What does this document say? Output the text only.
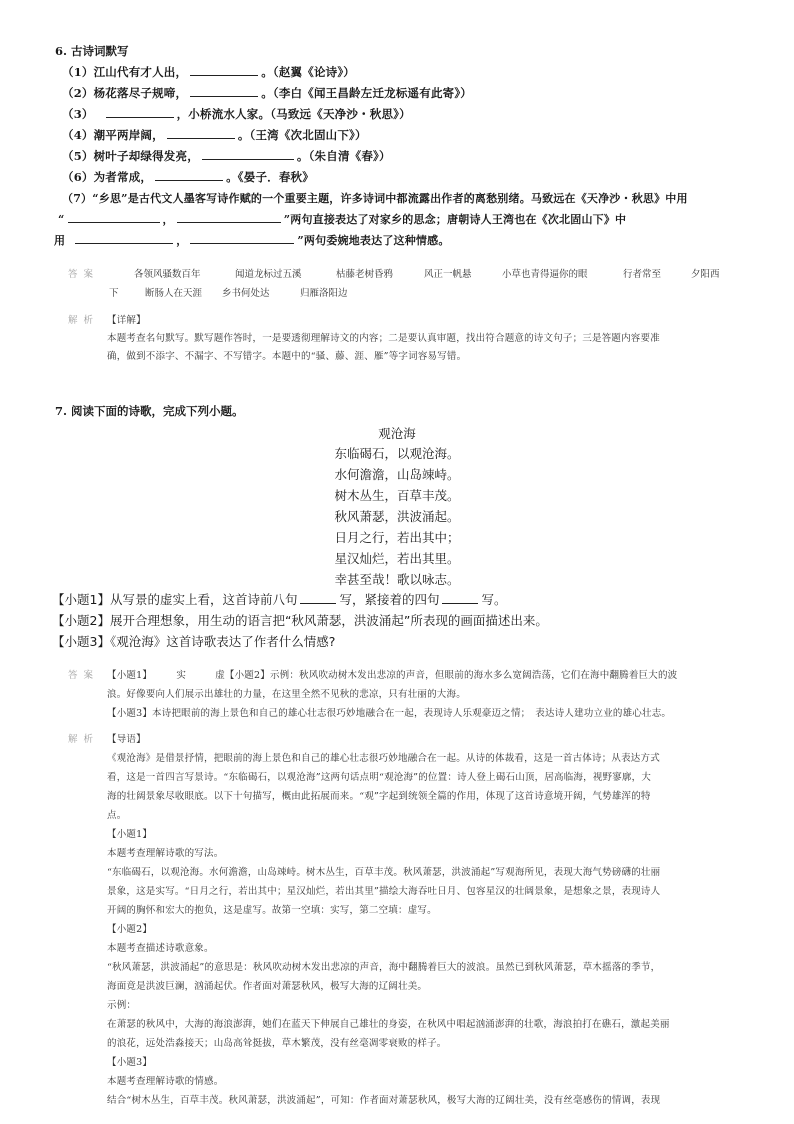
6. 古诗词默写
（1）江山代有才人出，	。（赵翼《论诗》）
（2）杨花落尽子规啼，	。（李白《闻王昌龄左迁龙标遥有此寄》）
（3）	，小桥流水人家。（马致远《天净沙・秋思》）
（4）潮平两岸阔，	。（王湾《次北固山下》）
（5）树叶子却绿得发亮，	。（朱自清《春》）
（6）为者常成，	。《晏子．春秋》
（7）“乡思”是古代文人墨客写诗作赋的一个重要主题，许多诗词中都流露出作者的离愁别绪。马致远在《天净沙・秋思》中用
“	，	”两句直接表达了对家乡的思念；唐朝诗人王湾也在《次北固山下》中
用	，	”两句委婉地表达了这种情感。
答案	各领风骚数百年	闻道龙标过五溪	枯藤老树昏鸦	风正一帆悬	小草也青得逼你的眼	行者常至	夕阳西
下	断肠人在天涯 乡书何处达	归雁洛阳边
解析 【详解】
本题考查名句默写。默写题作答时，一是要透彻理解诗文的内容；二是要认真审题，找出符合题意的诗文句子；三是答题内容要准
确，做到不添字、不漏字、不写错字。本题中的“骚、藤、涯、雁”等字词容易写错。
7. 阅读下面的诗歌，完成下列小题。
观沧海
东临碣石，以观沧海。
水何澹澹，山岛竦峙。
树木丛生，百草丰茂。
秋风萧瑟，洪波涌起。
日月之行，若出其中；
星汉灿烂，若出其里。
幸甚至哉！歌以咏志。
【小题1】从写景的虚实上看，这首诗前八句	写，紧接着的四句	写。
【小题2】展开合理想象，用生动的语言把“秋风萧瑟，洪波涌起”所表现的画面描述出来。
【小题3】《观沧海》这首诗歌表达了作者什么情感?
答案 【小题1】　　　实　　　虚【小题2】示例：秋风吹动树木发出悲凉的声音，但眼前的海水多么宽阔浩荡，它们在海中翻腾着巨大的波
浪。好像要向人们展示出雄壮的力量，在这里全然不见秋的悲凉，只有壮丽的大海。
【小题3】本诗把眼前的海上景色和自己的雄心壮志很巧妙地融合在一起，表现诗人乐观豪迈之情；　表达诗人建功立业的雄心壮志。
解析 【导语】
《观沧海》是借景抒情，把眼前的海上景色和自己的雄心壮志很巧妙地融合在一起。从诗的体裁看，这是一首古体诗；从表达方式
看，这是一首四言写景诗。“东临碣石，以观沧海”这两句话点明“观沧海”的位置：诗人登上碣石山顶，居高临海，视野寥廓，大
海的壮阔景象尽收眼底。以下十句描写，概由此拓展而来。“观”字起到统领全篇的作用，体现了这首诗意境开阔，气势雄浑的特
点。
【小题1】
本题考查理解诗歌的写法。
“东临碣石，以观沧海。水何澹澹，山岛竦峙。树木丛生，百草丰茂。秋风萧瑟，洪波涌起”写观海所见，表现大海气势磅礴的壮丽
景象，这是实写。“日月之行，若出其中；星汉灿烂，若出其里”描绘大海吞吐日月、包容星汉的壮阔景象，是想象之景，表现诗人
开阔的胸怀和宏大的抱负，这是虚写。故第一空填：实写，第二空填：虚写。
【小题2】
本题考查描述诗歌意象。
“秋风萧瑟，洪波涌起”的意思是：秋风吹动树木发出悲凉的声音，海中翻腾着巨大的波浪。虽然已到秋风萧瑟，草木摇落的季节，
海面竟是洪波巨澜，汹涌起伏。作者面对萧瑟秋风，极写大海的辽阔壮美。
示例：
在萧瑟的秋风中，大海的海浪澎湃，她们在蓝天下伸展自己雄壮的身姿，在秋风中唱起汹涌澎湃的壮歌，海浪拍打在礁石，激起美丽
的浪花，远处浩淼接天；山岛高耸挺拔，草木繁茂，没有丝毫凋零衰败的样子。
【小题3】
本题考查理解诗歌的情感。
结合“树木丛生，百草丰茂。秋风萧瑟，洪波涌起”，可知：作者面对萧瑟秋风，极写大海的辽阔壮美，没有丝毫感伤的情调，表现
